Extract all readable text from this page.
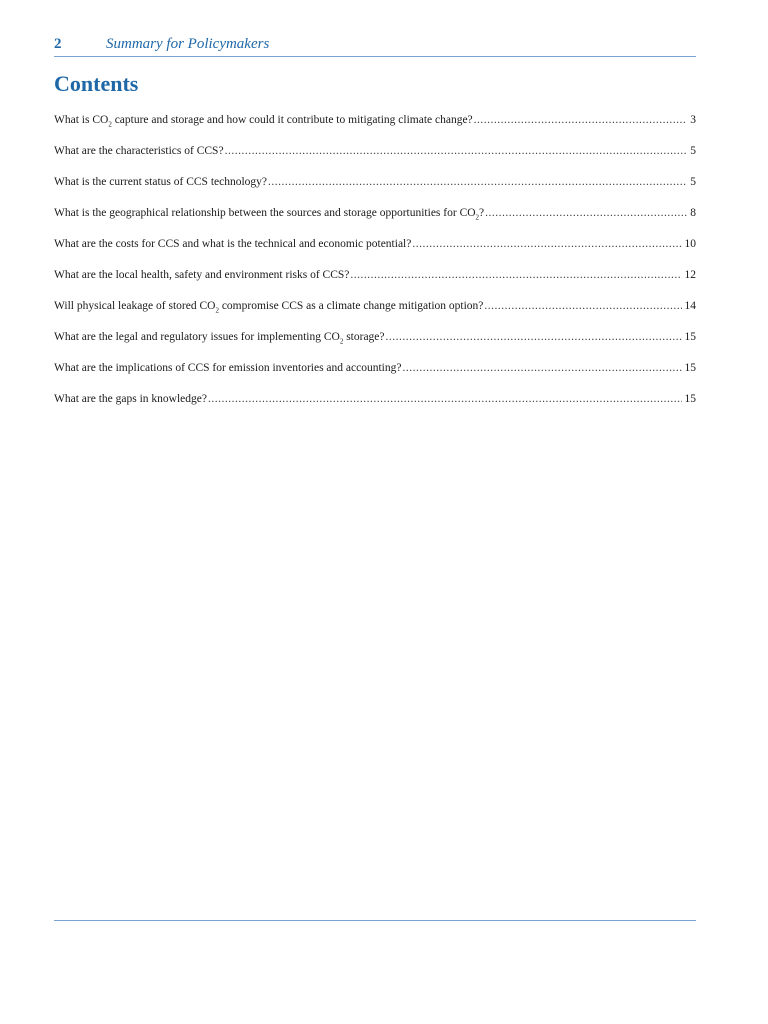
2	Summary for Policymakers
Contents
What is $CO_2$ capture and storage and how could it contribute to mitigating climate change? .....	3
What are the characteristics of CCS? .....	5
What is the current status of CCS technology? .....	5
What is the geographical relationship between the sources and storage opportunities for $CO_2$? .....	8
What are the costs for CCS and what is the technical and economic potential? .....	10
What are the local health, safety and environment risks of CCS? .....	12
Will physical leakage of stored $CO_2$ compromise CCS as a climate change mitigation option? .....	14
What are the legal and regulatory issues for implementing $CO_2$ storage? .....	15
What are the implications of CCS for emission inventories and accounting? .....	15
What are the gaps in knowledge? .....	15
